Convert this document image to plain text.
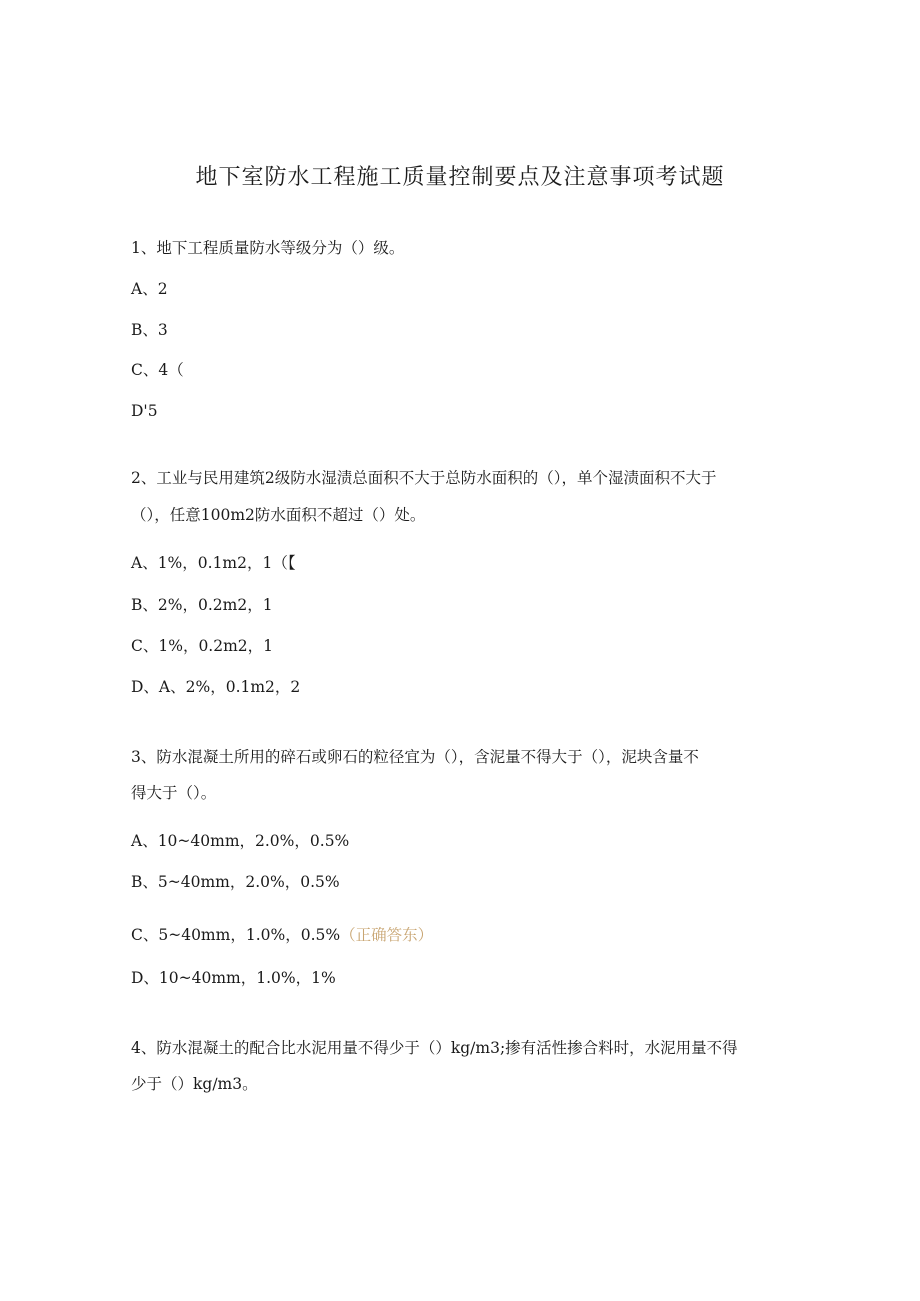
地下室防水工程施工质量控制要点及注意事项考试题
1、地下工程质量防水等级分为（）级。
A、2
B、3
C、4（
D'5
2、工业与民用建筑2级防水湿渍总面积不大于总防水面积的（），单个湿渍面积不大于
（），任意100m2防水面积不超过（）处。
A、1%，0.1m2，1（【
B、2%，0.2m2，1
C、1%，0.2m2，1
D、A、2%，0.1m2，2
3、防水混凝土所用的碎石或卵石的粒径宜为（），含泥量不得大于（），泥块含量不
得大于（）。
A、10~40mm，2.0%，0.5%
B、5~40mm，2.0%，0.5%
C、5~40mm，1.0%，0.5%（正确答东）
D、10~40mm，1.0%，1%
4、防水混凝土的配合比水泥用量不得少于（）kg∕m3;掺有活性掺合料时，水泥用量不得
少于（）kg∕m3。
